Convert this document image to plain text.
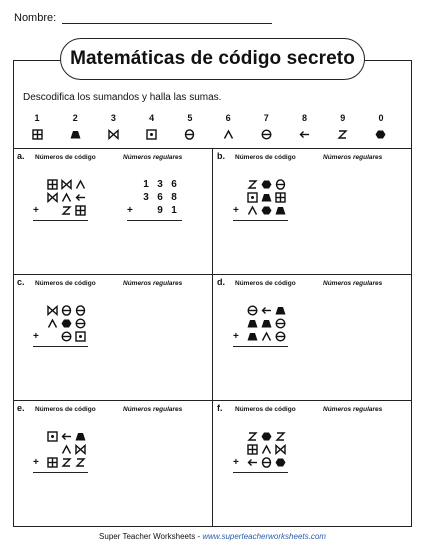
Nombre:
Matemáticas de código secreto
Descodifica los sumandos y halla las sumas.
1	2	3	4	5	6	7	8	9	0
a. Números de código	Números regulares
+
1 3 6
3 6 8
+	9 1
b. Números de código	Números regulares
+
c. Números de código	Números regulares
+
d. Números de código	Números regulares
+
e. Números de código	Números regulares
+
f. Números de código	Números regulares
+
Super Teacher Worksheets - www.superteacherworksheets.com
